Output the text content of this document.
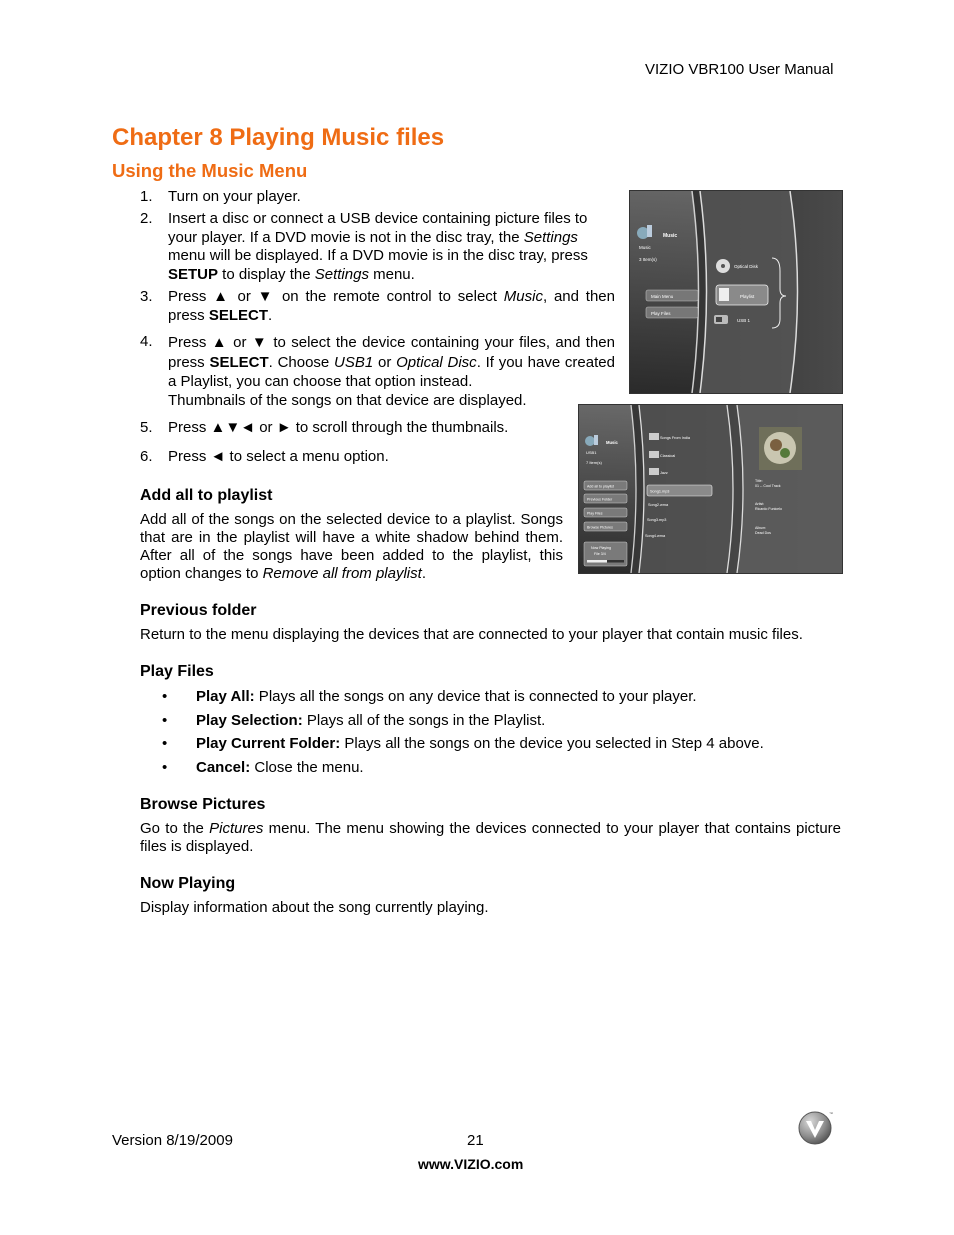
VIZIO VBR100 User Manual
Chapter 8 Playing Music files
Using the Music Menu
1. Turn on your player.
2. Insert a disc or connect a USB device containing picture files to your player. If a DVD movie is not in the disc tray, the Settings menu will be displayed. If a DVD movie is in the disc tray, press SETUP to display the Settings menu.
3. Press ▲ or ▼ on the remote control to select Music, and then press SELECT.
4. Press ▲ or ▼ to select the device containing your files, and then press SELECT. Choose USB1 or Optical Disc. If you have created a Playlist, you can choose that option instead.
Thumbnails of the songs on that device are displayed.
5. Press ▲▼◄ or ► to scroll through the thumbnails.
6. Press ◄ to select a menu option.
Add all to playlist
Add all of the songs on the selected device to a playlist. Songs that are in the playlist will have a white shadow behind them. After all of the songs have been added to the playlist, this option changes to Remove all from playlist.
Previous folder
Return to the menu displaying the devices that are connected to your player that contain music files.
Play Files
• Play All: Plays all the songs on any device that is connected to your player.
• Play Selection: Plays all of the songs in the Playlist.
• Play Current Folder: Plays all the songs on the device you selected in Step 4 above.
• Cancel: Close the menu.
Browse Pictures
Go to the Pictures menu. The menu showing the devices connected to your player that contains picture files is displayed.
Now Playing
Display information about the song currently playing.
Music
Music
3 Item(s)
Main Menu
Play Files
Optical Disk
Playlist
USB 1
Music
USB1
7 Item(s)
Add all to playlist
Previous Folder
Play Files
Browse Pictures
Now Playing
File 3/4
Songs From India
Classical
Jazz
Song1.mp3
Song2.wma
Song3.mp3
Song4.wma
Title:
01 -- Cool Track
Artist:
Ricardo Funicelo
Album:
Dead Dos
Version 8/19/2009	21
www.VIZIO.com
™
